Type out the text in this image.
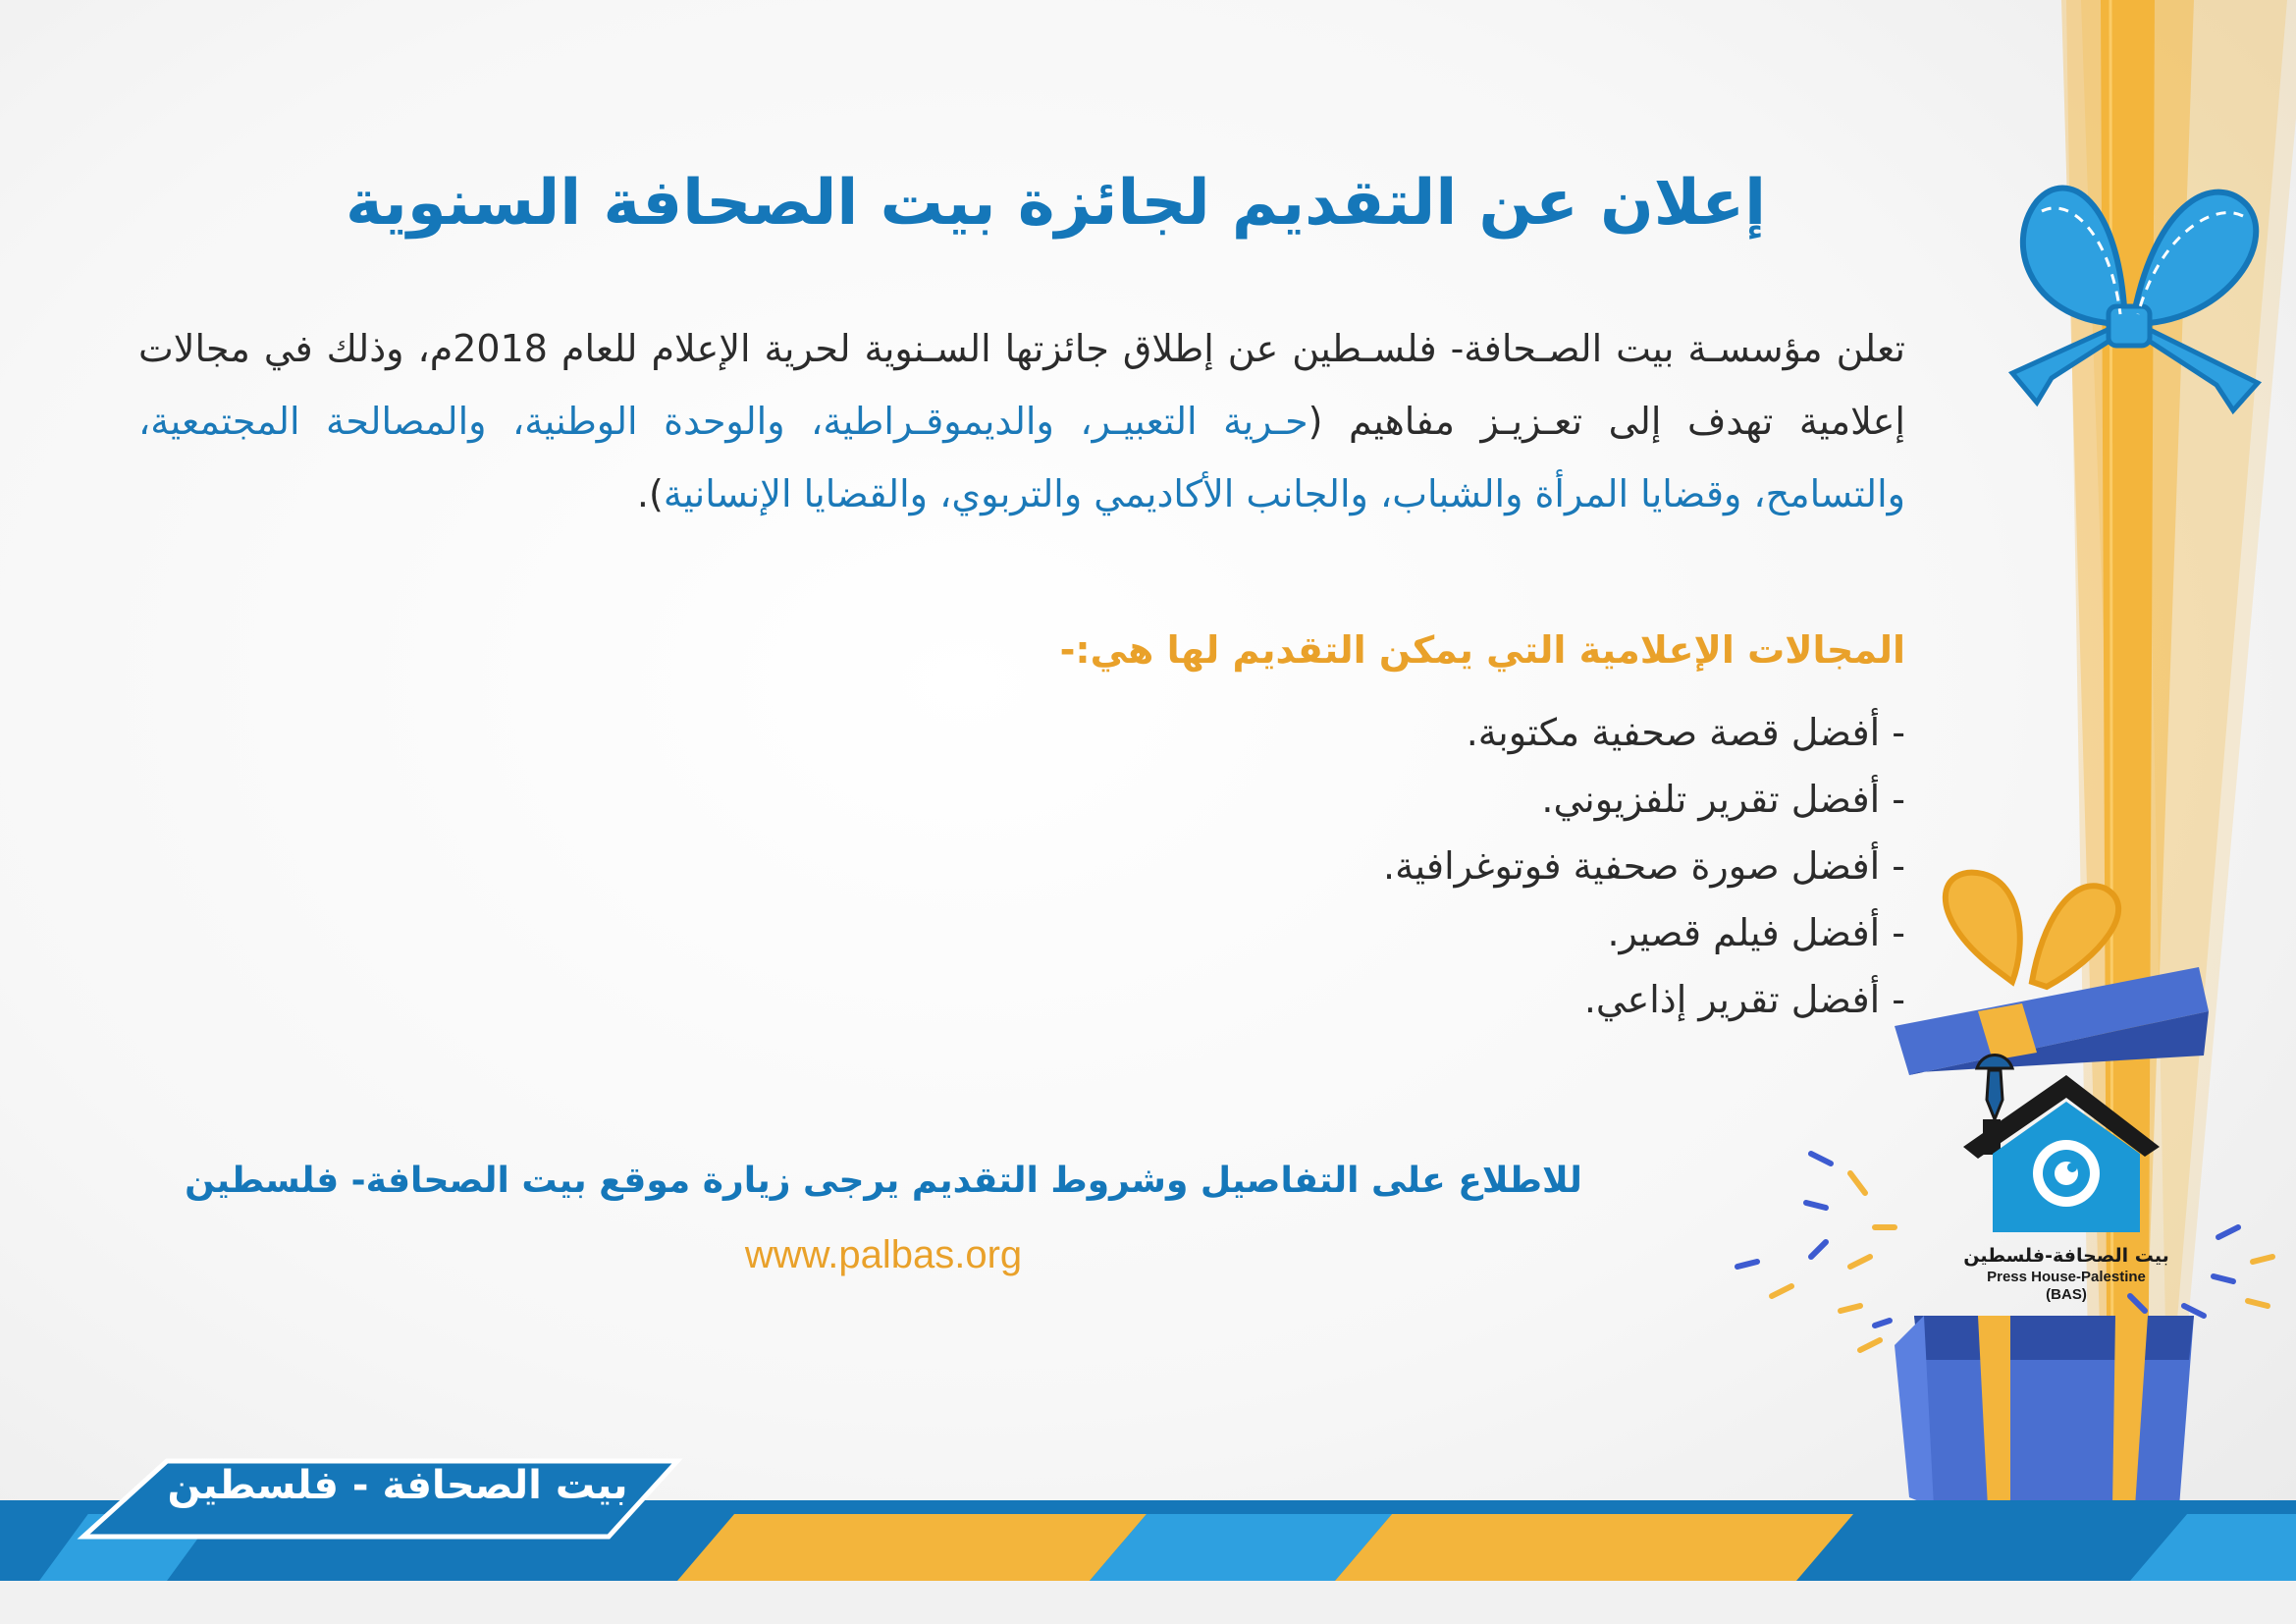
إعلان عن التقديم لجائزة بيت الصحافة السنوية
تعلن مؤسسـة بيت الصـحافة- فلسـطين عن إطلاق جائزتها السـنوية لحرية الإعلام للعام 2018م، وذلك في مجالات إعلامية تهدف إلى تعـزيـز مفاهيم (حـرية التعبيـر، والديموقـراطية، والوحدة الوطنية، والمصالحة المجتمعية، والتسامح، وقضايا المرأة والشباب، والجانب الأكاديمي والتربوي، والقضايا الإنسانية).
المجالات الإعلامية التي يمكن التقديم لها هي:-
- أفضل قصة صحفية مكتوبة.
- أفضل تقرير تلفزيوني.
- أفضل صورة صحفية فوتوغرافية.
- أفضل فيلم قصير.
- أفضل تقرير إذاعي.
للاطلاع على التفاصيل وشروط التقديم يرجى زيارة موقع بيت الصحافة- فلسطين
www.palbas.org
بيت الصحافة - فلسطين
بيت الصحافة-فلسطين
Press House-Palestine
(BAS)
